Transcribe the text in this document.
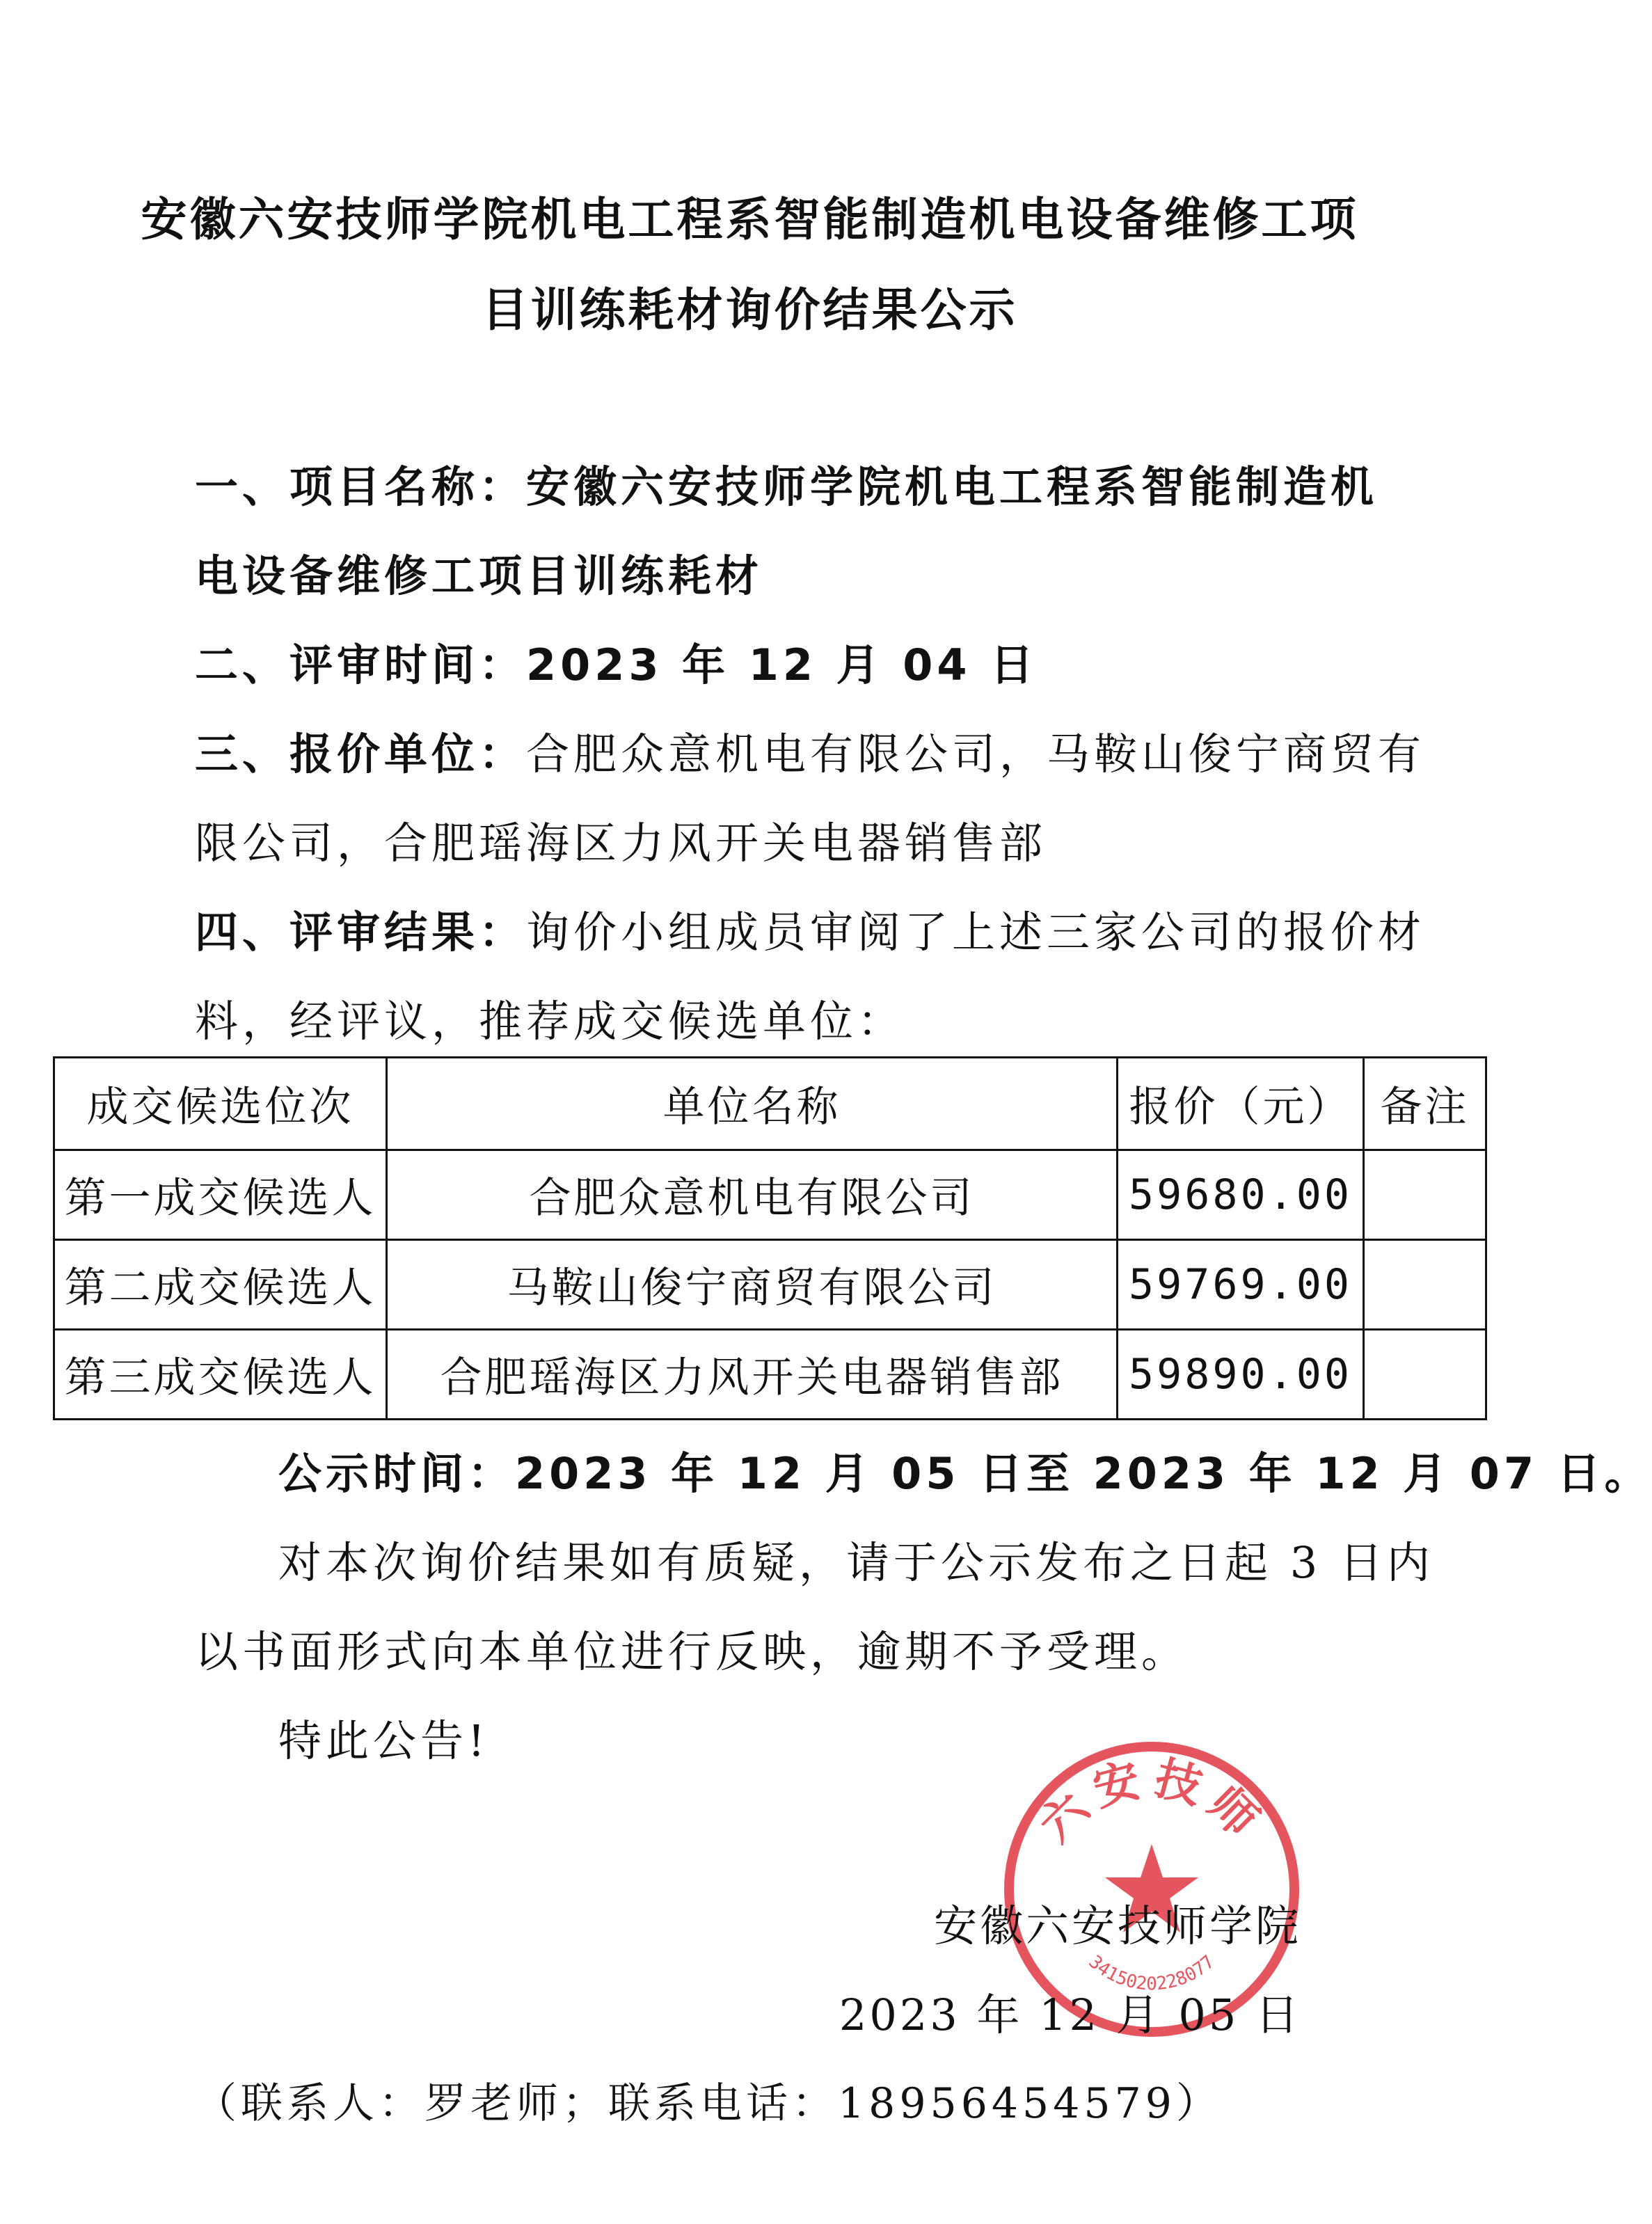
安徽六安技师学院机电工程系智能制造机电设备维修工项
目训练耗材询价结果公示
一、项目名称：安徽六安技师学院机电工程系智能制造机
电设备维修工项目训练耗材
二、评审时间：2023 年 12 月 04 日
三、报价单位：合肥众意机电有限公司，马鞍山俊宁商贸有
限公司，合肥瑶海区力风开关电器销售部
四、评审结果：询价小组成员审阅了上述三家公司的报价材
料，经评议，推荐成交候选单位：
成交候选位次	单位名称	报价（元）	备注
第一成交候选人	合肥众意机电有限公司	59680.00	
第二成交候选人	马鞍山俊宁商贸有限公司	59769.00	
第三成交候选人	合肥瑶海区力风开关电器销售部	59890.00	
公示时间：2023 年 12 月 05 日至 2023 年 12 月 07 日。
对本次询价结果如有质疑，请于公示发布之日起 3 日内
以书面形式向本单位进行反映，逾期不予受理。
特此公告!
六安技师
3415020228077
安徽六安技师学院
2023 年 12 月 05 日
（联系人：罗老师；联系电话：18956454579）
